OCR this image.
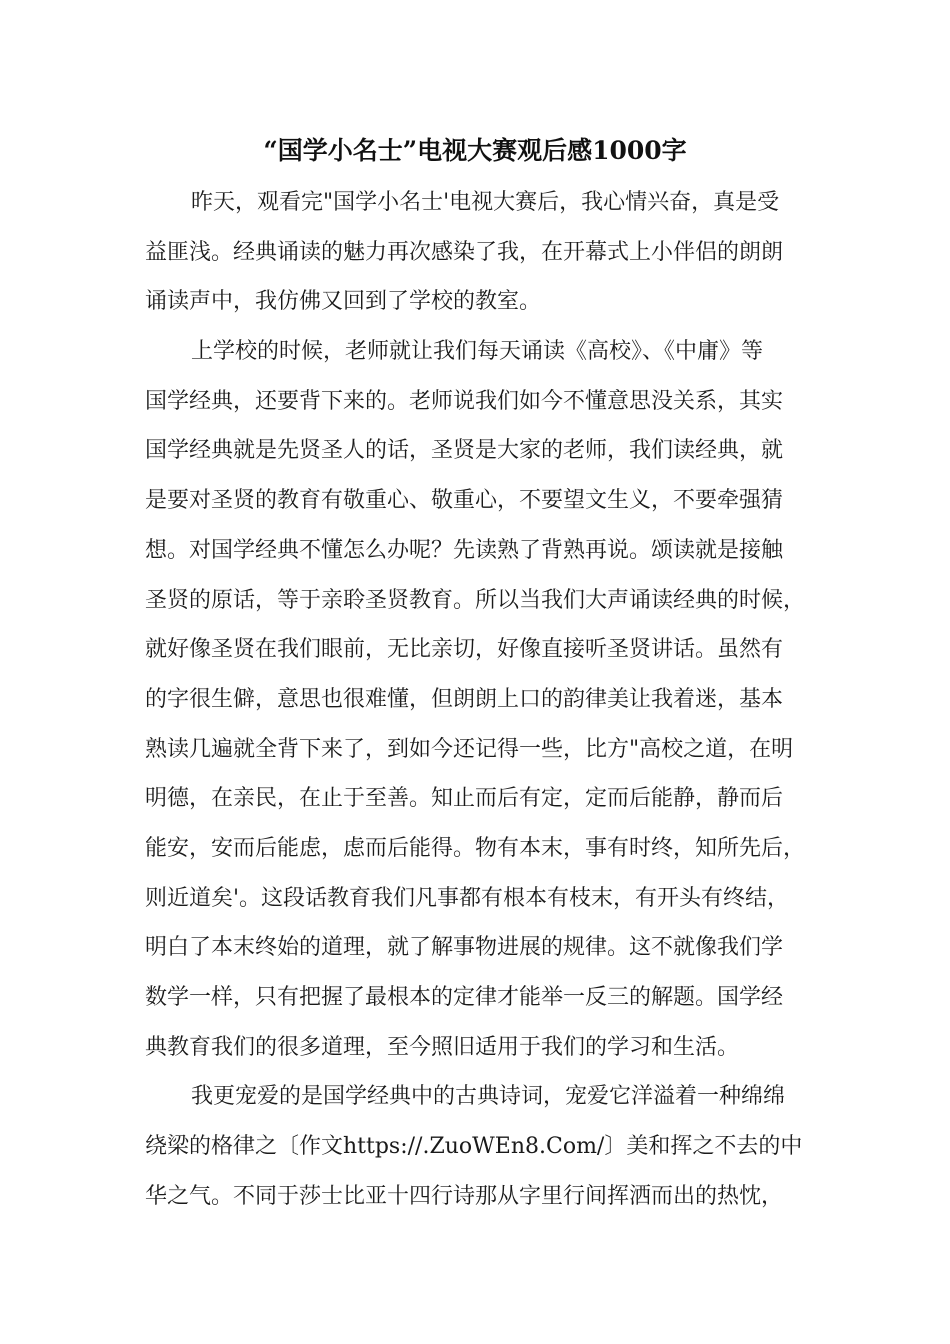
“国学小名士”电视大赛观后感1000字
昨天，观看完"国学小名士'电视大赛后，我心情兴奋，真是受
益匪浅。经典诵读的魅力再次感染了我，在开幕式上小伴侣的朗朗
诵读声中，我仿佛又回到了学校的教室。
上学校的时候，老师就让我们每天诵读《高校》、《中庸》等
国学经典，还要背下来的。老师说我们如今不懂意思没关系，其实
国学经典就是先贤圣人的话，圣贤是大家的老师，我们读经典，就
是要对圣贤的教育有敬重心、敬重心，不要望文生义，不要牵强猜
想。对国学经典不懂怎么办呢？先读熟了背熟再说。颂读就是接触
圣贤的原话，等于亲聆圣贤教育。所以当我们大声诵读经典的时候，
就好像圣贤在我们眼前，无比亲切，好像直接听圣贤讲话。虽然有
的字很生僻，意思也很难懂，但朗朗上口的韵律美让我着迷，基本
熟读几遍就全背下来了，到如今还记得一些，比方"高校之道，在明
明德，在亲民，在止于至善。知止而后有定，定而后能静，静而后
能安，安而后能虑，虑而后能得。物有本末，事有时终，知所先后，
则近道矣'。这段话教育我们凡事都有根本有枝末，有开头有终结，
明白了本末终始的道理，就了解事物进展的规律。这不就像我们学
数学一样，只有把握了最根本的定律才能举一反三的解题。国学经
典教育我们的很多道理，至今照旧适用于我们的学习和生活。
我更宠爱的是国学经典中的古典诗词，宠爱它洋溢着一种绵绵
绕梁的格律之〔作文https://.ZuoWEn8.Com/〕美和挥之不去的中
华之气。不同于莎士比亚十四行诗那从字里行间挥洒而出的热忱，
